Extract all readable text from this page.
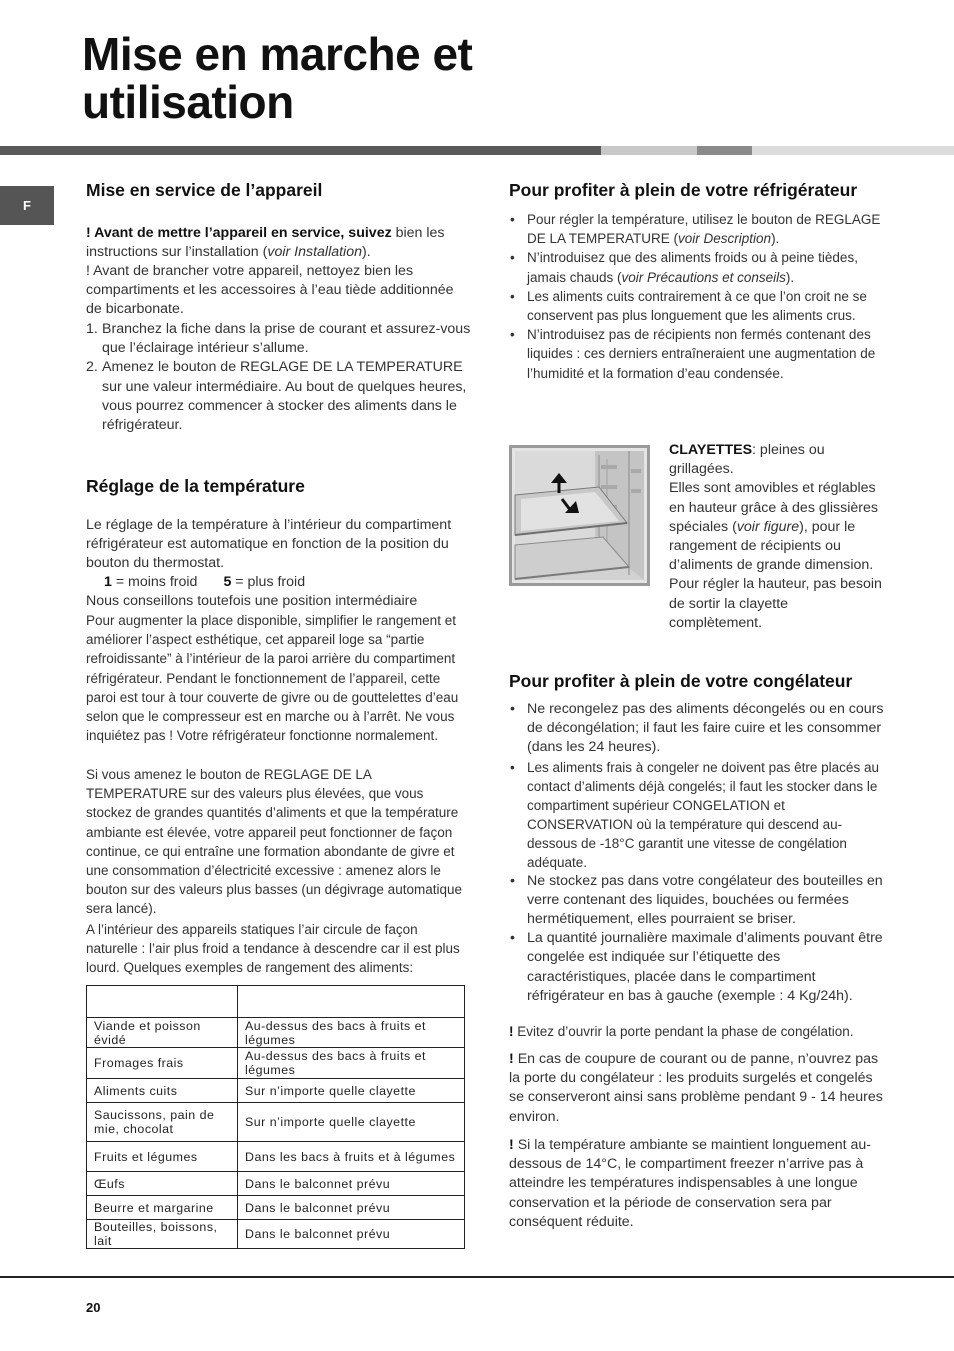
Mise en marche et
utilisation
F
Mise en service de l’appareil

! Avant de mettre l’appareil en service, suivez bien les instructions sur l’installation (voir Installation).

! Avant de brancher votre appareil, nettoyez bien les compartiments et les accessoires à l’eau tiède additionnée de bicarbonate.

1. Branchez la fiche dans la prise de courant et assurez-vous que l’éclairage intérieur s’allume.
2. Amenez le bouton de REGLAGE DE LA TEMPERATURE sur une valeur intermédiaire. Au bout de quelques heures, vous pourrez commencer à stocker des aliments dans le réfrigérateur.
Réglage de la température

Le réglage de la température à l’intérieur du compartiment réfrigérateur est automatique en fonction de la position du bouton du thermostat.

1 = moins froid 5 = plus froid

Nous conseillons toutefois une position intermédiaire

Pour augmenter la place disponible, simplifier le rangement et améliorer l’aspect esthétique, cet appareil loge sa “partie refroidissante” à l’intérieur de la paroi arrière du compartiment réfrigérateur. Pendant le fonctionnement de l’appareil, cette paroi est tour à tour couverte de givre ou de gouttelettes d’eau selon que le compresseur est en marche ou à l’arrêt. Ne vous inquiétez pas ! Votre réfrigérateur fonctionne normalement.

Si vous amenez le bouton de REGLAGE DE LA TEMPERATURE sur des valeurs plus élevées, que vous stockez de grandes quantités d’aliments et que la température ambiante est élevée, votre appareil peut fonctionner de façon continue, ce qui entraîne une formation abondante de givre et une consommation d’électricité excessive : amenez alors le bouton sur des valeurs plus basses (un dégivrage automatique sera lancé).

A l’intérieur des appareils statiques l’air circule de façon naturelle : l’air plus froid a tendance à descendre car il est plus lourd. Quelques exemples de rangement des aliments:

Viande et poisson évidé	Au-dessus des bacs à fruits et légumes
Fromages frais	Au-dessus des bacs à fruits et légumes
Aliments cuits	Sur n’importe quelle clayette
Saucissons, pain de mie, chocolat	Sur n’importe quelle clayette
Fruits et légumes	Dans les bacs à fruits et à légumes
Œufs	Dans le balconnet prévu
Beurre et margarine	Dans le balconnet prévu
Bouteilles, boissons, lait	Dans le balconnet prévu
Pour profiter à plein de votre réfrigérateur
• Pour régler la température, utilisez le bouton de REGLAGE DE LA TEMPERATURE (voir Description).
• N’introduisez que des aliments froids ou à peine tièdes, jamais chauds (voir Précautions et conseils).
• Les aliments cuits contrairement à ce que l’on croit ne se conservent pas plus longuement que les aliments crus.
• N’introduisez pas de récipients non fermés contenant des liquides : ces derniers entraîneraient une augmentation de l’humidité et la formation d’eau condensée.

CLAYETTES: pleines ou grillagées.
Elles sont amovibles et réglables en hauteur grâce à des glissières spéciales (voir figure), pour le rangement de récipients ou d’aliments de grande dimension. Pour régler la hauteur, pas besoin de sortir la clayette complètement.

Pour profiter à plein de votre congélateur
• Ne recongelez pas des aliments décongelés ou en cours de décongélation; il faut les faire cuire et les consommer (dans les 24 heures).
• Les aliments frais à congeler ne doivent pas être placés au contact d’aliments déjà congelés; il faut les stocker dans le compartiment supérieur CONGELATION et CONSERVATION où la température qui descend au-dessous de -18°C garantit une vitesse de congélation adéquate.
• Ne stockez pas dans votre congélateur des bouteilles en verre contenant des liquides, bouchées ou fermées hermétiquement, elles pourraient se briser.
• La quantité journalière maximale d’aliments pouvant être congelée est indiquée sur l’étiquette des caractéristiques, placée dans le compartiment réfrigérateur en bas à gauche (exemple : 4 Kg/24h).

! Evitez d’ouvrir la porte pendant la phase de congélation.

! En cas de coupure de courant ou de panne, n’ouvrez pas la porte du congélateur : les produits surgelés et congelés se conserveront ainsi sans problème pendant 9 - 14 heures environ.

! Si la température ambiante se maintient longuement au-dessous de 14°C, le compartiment freezer n’arrive pas à atteindre les températures indispensables à une longue conservation et la période de conservation sera par conséquent réduite.

20
